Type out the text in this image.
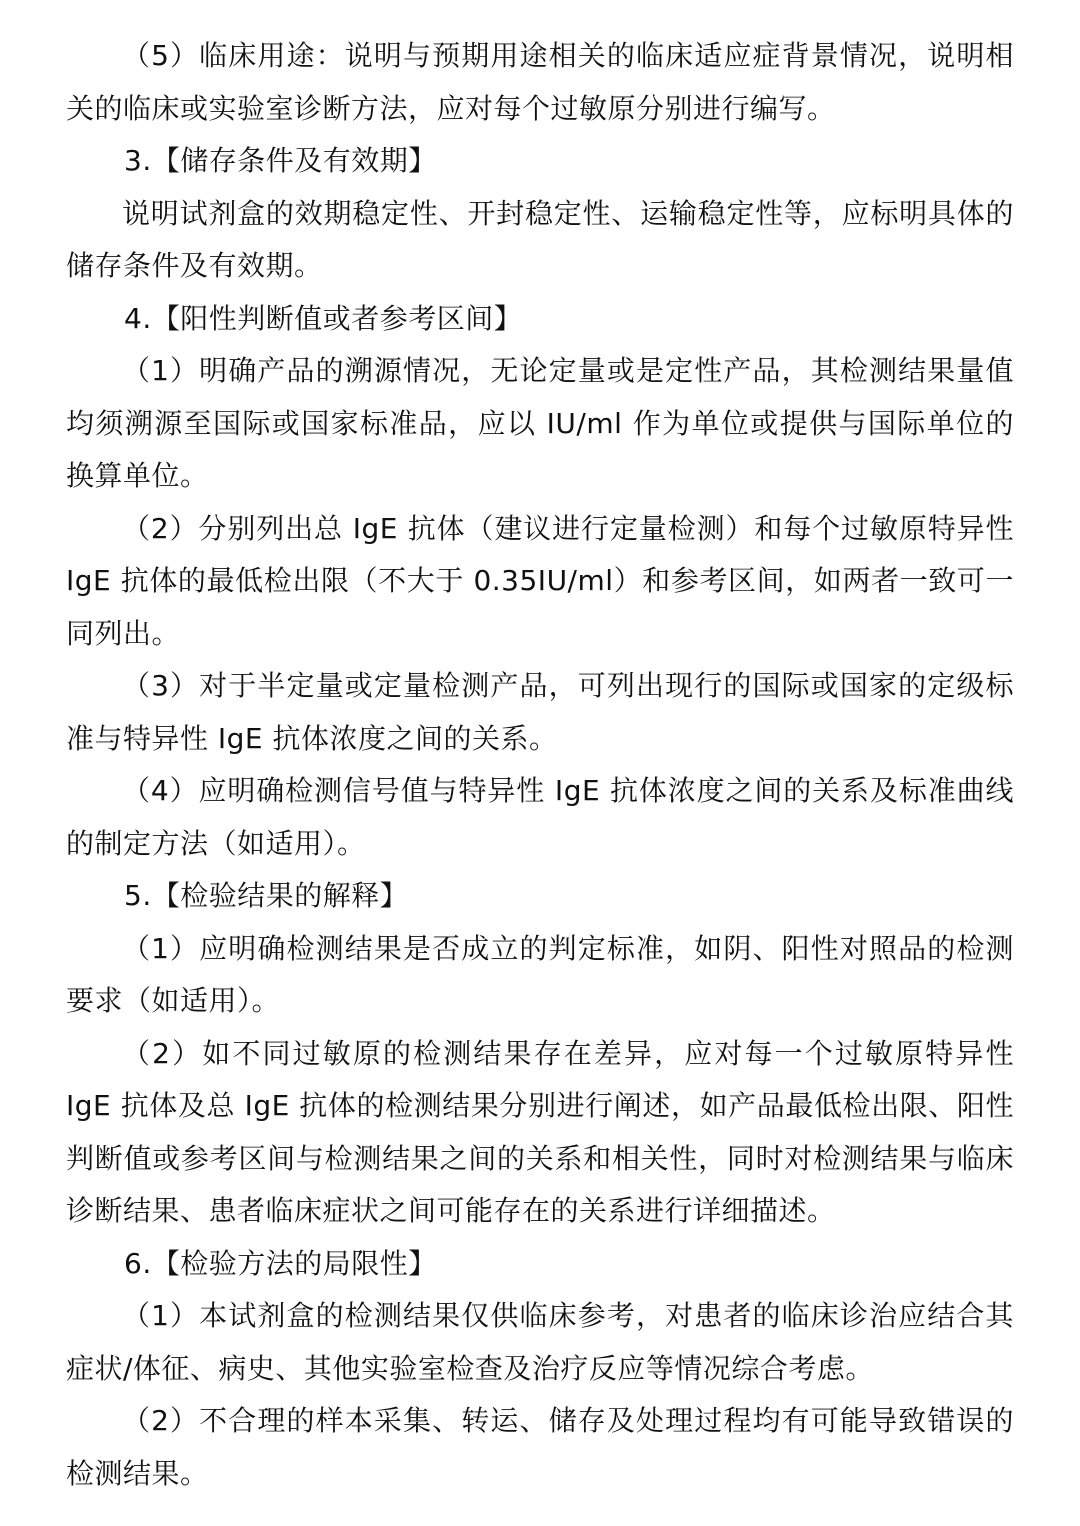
（5）临床用途：说明与预期用途相关的临床适应症背景情况，说明相关的临床或实验室诊断方法，应对每个过敏原分别进行编写。

3.【储存条件及有效期】

说明试剂盒的效期稳定性、开封稳定性、运输稳定性等，应标明具体的储存条件及有效期。

4.【阳性判断值或者参考区间】

（1）明确产品的溯源情况，无论定量或是定性产品，其检测结果量值均须溯源至国际或国家标准品，应以 IU/ml 作为单位或提供与国际单位的换算单位。

（2）分别列出总 IgE 抗体（建议进行定量检测）和每个过敏原特异性 IgE 抗体的最低检出限（不大于 0.35IU/ml）和参考区间，如两者一致可一同列出。

（3）对于半定量或定量检测产品，可列出现行的国际或国家的定级标准与特异性 IgE 抗体浓度之间的关系。

（4）应明确检测信号值与特异性 IgE 抗体浓度之间的关系及标准曲线的制定方法（如适用）。

5.【检验结果的解释】

（1）应明确检测结果是否成立的判定标准，如阴、阳性对照品的检测要求（如适用）。

（2）如不同过敏原的检测结果存在差异，应对每一个过敏原特异性 IgE 抗体及总 IgE 抗体的检测结果分别进行阐述，如产品最低检出限、阳性判断值或参考区间与检测结果之间的关系和相关性，同时对检测结果与临床诊断结果、患者临床症状之间可能存在的关系进行详细描述。

6.【检验方法的局限性】

（1）本试剂盒的检测结果仅供临床参考，对患者的临床诊治应结合其症状/体征、病史、其他实验室检查及治疗反应等情况综合考虑。

（2）不合理的样本采集、转运、储存及处理过程均有可能导致错误的检测结果。
